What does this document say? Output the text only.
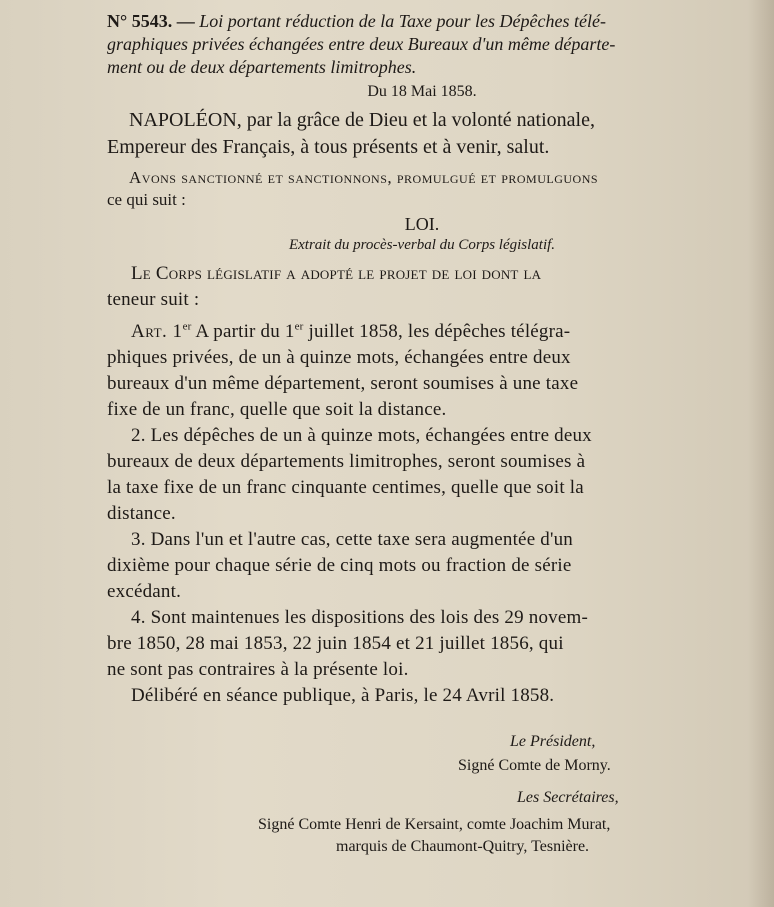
N° 5543. — Loi portant réduction de la Taxe pour les Dépêches télé-

graphiques privées échangées entre deux Bureaux d'un même départe-

ment ou de deux départements limitrophes.

Du 18 Mai 1858.

NAPOLÉON, par la grâce de Dieu et la volonté nationale,

Empereur des Français, à tous présents et à venir, salut.

Avons sanctionné et sanctionnons, promulgué et promulguons

ce qui suit :

LOI.

Extrait du procès-verbal du Corps législatif.

Le Corps législatif a adopté le projet de loi dont la

teneur suit :

Art. 1er A partir du 1er juillet 1858, les dépêches télégra-

phiques privées, de un à quinze mots, échangées entre deux

bureaux d'un même département, seront soumises à une taxe

fixe de un franc, quelle que soit la distance.

2. Les dépêches de un à quinze mots, échangées entre deux

bureaux de deux départements limitrophes, seront soumises à

la taxe fixe de un franc cinquante centimes, quelle que soit la

distance.

3. Dans l'un et l'autre cas, cette taxe sera augmentée d'un

dixième pour chaque série de cinq mots ou fraction de série

excédant.

4. Sont maintenues les dispositions des lois des 29 novem-

bre 1850, 28 mai 1853, 22 juin 1854 et 21 juillet 1856, qui

ne sont pas contraires à la présente loi.

Délibéré en séance publique, à Paris, le 24 Avril 1858.

Le Président,
Signé Comte de Morny.
Les Secrétaires,
Signé Comte Henri de Kersaint, comte Joachim Murat,
marquis de Chaumont-Quitry, Tesnière.
